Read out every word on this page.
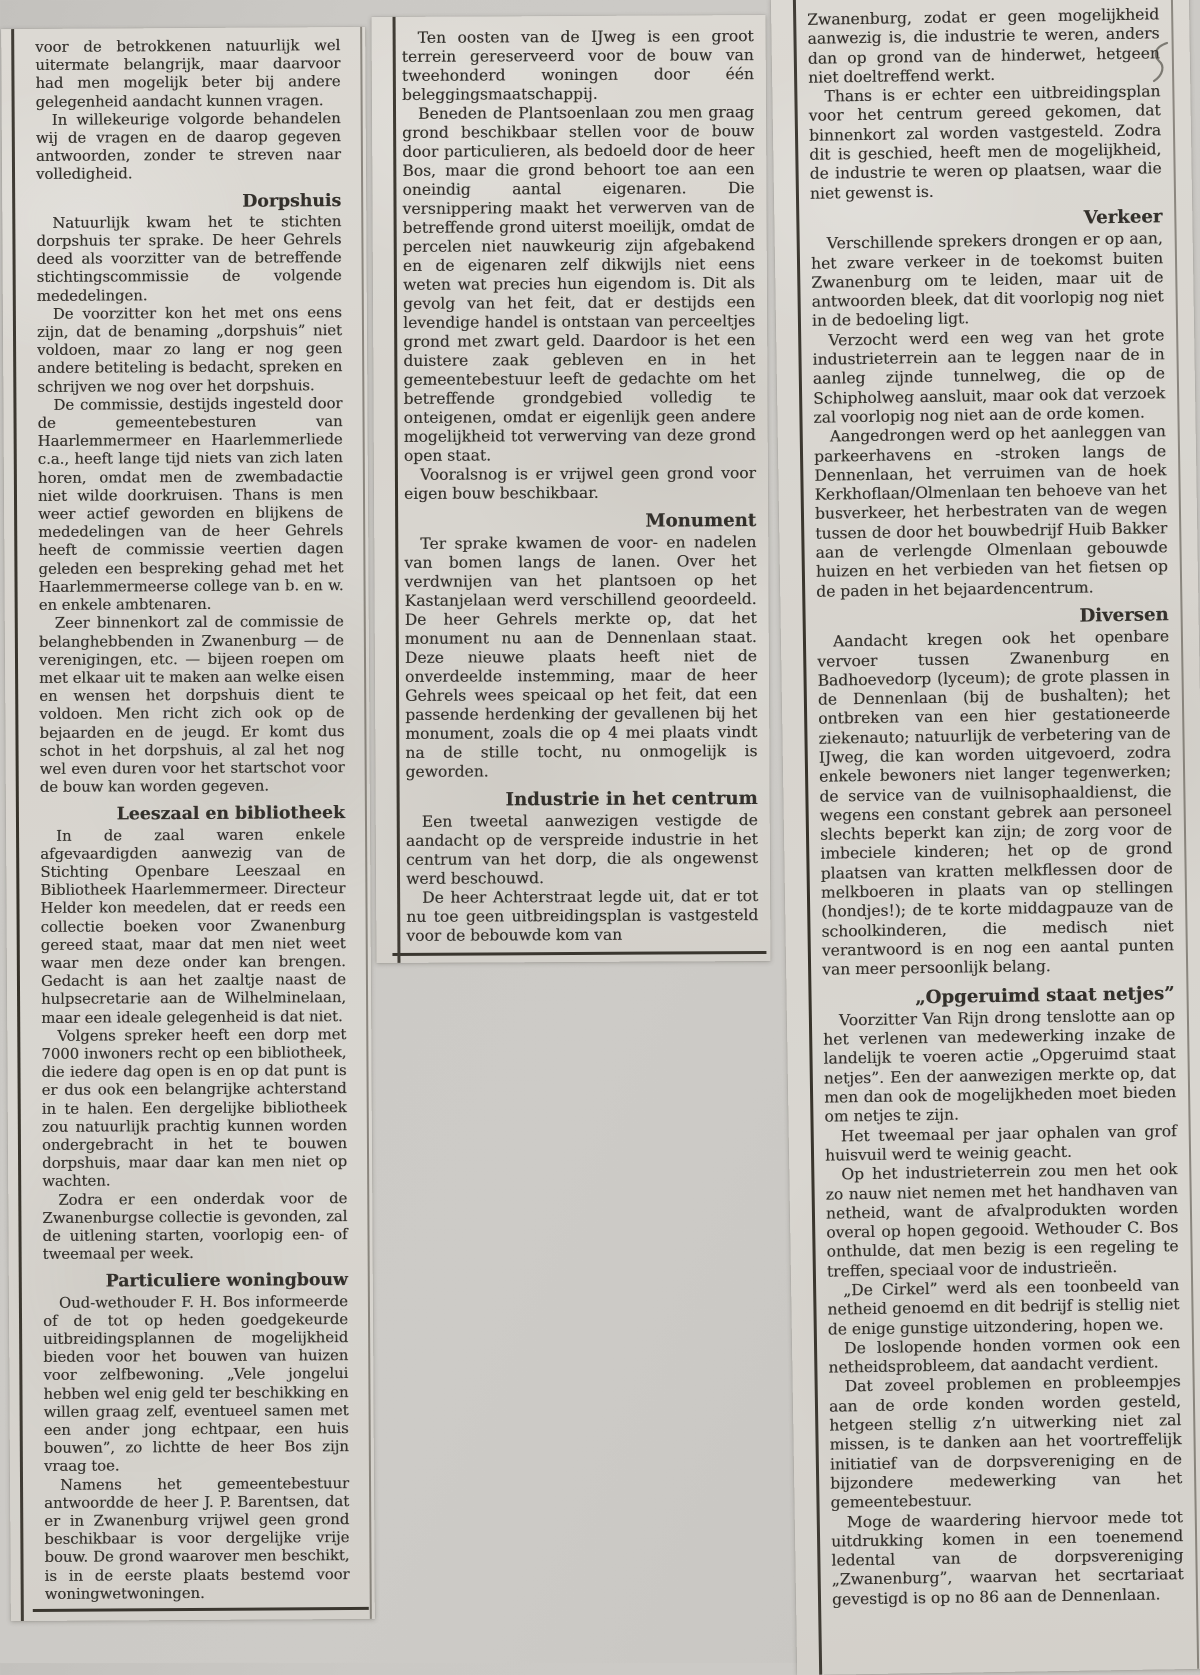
voor de betrokkenen natuurlijk wel uitermate belangrijk, maar daarvoor had men mogelijk beter bij andere gelegenheid aandacht kunnen vragen.

In willekeurige volgorde behandelen wij de vragen en de daarop gegeven antwoorden, zonder te streven naar volledigheid.

Dorpshuis

Natuurlijk kwam het te stichten dorpshuis ter sprake. De heer Gehrels deed als voorzitter van de betreffende stichtingscommissie de volgende mededelingen.

De voorzitter kon het met ons eens zijn, dat de benaming „dorpshuis” niet voldoen, maar zo lang er nog geen andere betiteling is bedacht, spreken en schrijven we nog over het dorpshuis.

De commissie, destijds ingesteld door de gemeentebesturen van Haarlemmermeer en Haarlemmerliede c.a., heeft lange tijd niets van zich laten horen, omdat men de zwembadactie niet wilde doorkruisen. Thans is men weer actief geworden en blijkens de mededelingen van de heer Gehrels heeft de commissie veertien dagen geleden een bespreking gehad met het Haarlemmermeerse college van b. en w. en enkele ambtenaren.

Zeer binnenkort zal de commissie de belanghebbenden in Zwanenburg — de verenigingen, etc. — bijeen roepen om met elkaar uit te maken aan welke eisen en wensen het dorpshuis dient te voldoen. Men richt zich ook op de bejaarden en de jeugd. Er komt dus schot in het dorpshuis, al zal het nog wel even duren voor het startschot voor de bouw kan worden gegeven.

Leeszaal en bibliotheek

In de zaal waren enkele afgevaardigden aanwezig van de Stichting Openbare Leeszaal en Bibliotheek Haarlemmermeer. Directeur Helder kon meedelen, dat er reeds een collectie boeken voor Zwanenburg gereed staat, maar dat men niet weet waar men deze onder kan brengen. Gedacht is aan het zaaltje naast de hulpsecretarie aan de Wilhelminelaan, maar een ideale gelegenheid is dat niet.

Volgens spreker heeft een dorp met 7000 inwoners recht op een bibliotheek, die iedere dag open is en op dat punt is er dus ook een belangrijke achterstand in te halen. Een dergelijke bibliotheek zou natuurlijk prachtig kunnen worden ondergebracht in het te bouwen dorpshuis, maar daar kan men niet op wachten.

Zodra er een onderdak voor de Zwanenburgse collectie is gevonden, zal de uitlening starten, voorlopig een- of tweemaal per week.

Particuliere woningbouw

Oud-wethouder F. H. Bos informeerde of de tot op heden goedgekeurde uitbreidingsplannen de mogelijkheid bieden voor het bouwen van huizen voor zelfbewoning. „Vele jongelui hebben wel enig geld ter beschikking en willen graag zelf, eventueel samen met een ander jong echtpaar, een huis bouwen”, zo lichtte de heer Bos zijn vraag toe.

Namens het gemeentebestuur antwoordde de heer J. P. Barentsen, dat er in Zwanenburg vrijwel geen grond beschikbaar is voor dergelijke vrije bouw. De grond waarover men beschikt, is in de eerste plaats bestemd voor woningwetwoningen.

Ten oosten van de IJweg is een groot terrein gereserveerd voor de bouw van tweehonderd woningen door één beleggingsmaatschappij.

Beneden de Plantsoenlaan zou men graag grond beschikbaar stellen voor de bouw door particulieren, als bedoeld door de heer Bos, maar die grond behoort toe aan een oneindig aantal eigenaren. Die versnippering maakt het verwerven van de betreffende grond uiterst moeilijk, omdat de percelen niet nauwkeurig zijn afgebakend en de eigenaren zelf dikwijls niet eens weten wat precies hun eigendom is. Dit als gevolg van het feit, dat er destijds een levendige handel is ontstaan van perceeltjes grond met zwart geld. Daardoor is het een duistere zaak gebleven en in het gemeentebestuur leeft de gedachte om het betreffende grondgebied volledig te onteigenen, omdat er eigenlijk geen andere mogelijkheid tot verwerving van deze grond open staat.

Vooralsnog is er vrijwel geen grond voor eigen bouw beschikbaar.

Monument

Ter sprake kwamen de voor- en nadelen van bomen langs de lanen. Over het verdwnijen van het plantsoen op het Kastanjelaan werd verschillend geoordeeld. De heer Gehrels merkte op, dat het monument nu aan de Dennenlaan staat. Deze nieuwe plaats heeft niet de onverdeelde instemming, maar de heer Gehrels wees speicaal op het feit, dat een passende herdenking der gevallenen bij het monument, zoals die op 4 mei plaats vindt na de stille tocht, nu onmogelijk is geworden.

Industrie in het centrum

Een tweetal aanwezigen vestigde de aandacht op de verspreide industrie in het centrum van het dorp, die als ongewenst werd beschouwd.

De heer Achterstraat legde uit, dat er tot nu toe geen uitbreidingsplan is vastgesteld voor de bebouwde kom van

Zwanenburg, zodat er geen mogelijkheid aanwezig is, die industrie te weren, anders dan op grond van de hinderwet, hetgeen niet doeltreffend werkt.

Thans is er echter een uitbreidingsplan voor het centrum gereed gekomen, dat binnenkort zal worden vastgesteld. Zodra dit is geschied, heeft men de mogelijkheid, de industrie te weren op plaatsen, waar die niet gewenst is.

Verkeer

Verschillende sprekers drongen er op aan, het zware verkeer in de toekomst buiten Zwanenburg om te leiden, maar uit de antwoorden bleek, dat dit voorlopig nog niet in de bedoeling ligt.

Verzocht werd een weg van het grote industrieterrein aan te leggen naar de in aanleg zijnde tunnelweg, die op de Schipholweg aansluit, maar ook dat verzoek zal voorlopig nog niet aan de orde komen.

Aangedrongen werd op het aanleggen van parkeerhavens en -stroken langs de Dennenlaan, het verruimen van de hoek Kerkhoflaan/Olmenlaan ten behoeve van het busverkeer, het herbestraten van de wegen tussen de door het bouwbedrijf Huib Bakker aan de verlengde Olmenlaan gebouwde huizen en het verbieden van het fietsen op de paden in het bejaardencentrum.

Diversen

Aandacht kregen ook het openbare vervoer tussen Zwanenburg en Badhoevedorp (lyceum); de grote plassen in de Dennenlaan (bij de bushalten); het ontbreken van een hier gestationeerde ziekenauto; natuurlijk de verbetering van de IJweg, die kan worden uitgevoerd, zodra enkele bewoners niet langer tegenwerken; de service van de vuilnisophaaldienst, die wegens een constant gebrek aan personeel slechts beperkt kan zijn; de zorg voor de imbeciele kinderen; het op de grond plaatsen van kratten melkflessen door de melkboeren in plaats van op stellingen (hondjes!); de te korte middagpauze van de schoolkinderen, die medisch niet verantwoord is en nog een aantal punten van meer persoonlijk belang.

„Opgeruimd staat netjes”

Voorzitter Van Rijn drong tenslotte aan op het verlenen van medewerking inzake de landelijk te voeren actie „Opgeruimd staat netjes”. Een der aanwezigen merkte op, dat men dan ook de mogelijkheden moet bieden om netjes te zijn.

Het tweemaal per jaar ophalen van grof huisvuil werd te weinig geacht.

Op het industrieterrein zou men het ook zo nauw niet nemen met het handhaven van netheid, want de afvalprodukten worden overal op hopen gegooid. Wethouder C. Bos onthulde, dat men bezig is een regeling te treffen, speciaal voor de industrieën.

„De Cirkel” werd als een toonbeeld van netheid genoemd en dit bedrijf is stellig niet de enige gunstige uitzondering, hopen we.

De loslopende honden vormen ook een netheidsprobleem, dat aandacht verdient.

Dat zoveel problemen en probleempjes aan de orde konden worden gesteld, hetgeen stellig z’n uitwerking niet zal missen, is te danken aan het voortreffelijk initiatief van de dorpsvereniging en de bijzondere medewerking van het gemeentebestuur.

Moge de waardering hiervoor mede tot uitdrukking komen in een toenemend ledental van de dorpsvereniging „Zwanenburg”, waarvan het secrtariaat gevestigd is op no 86 aan de Dennenlaan.
